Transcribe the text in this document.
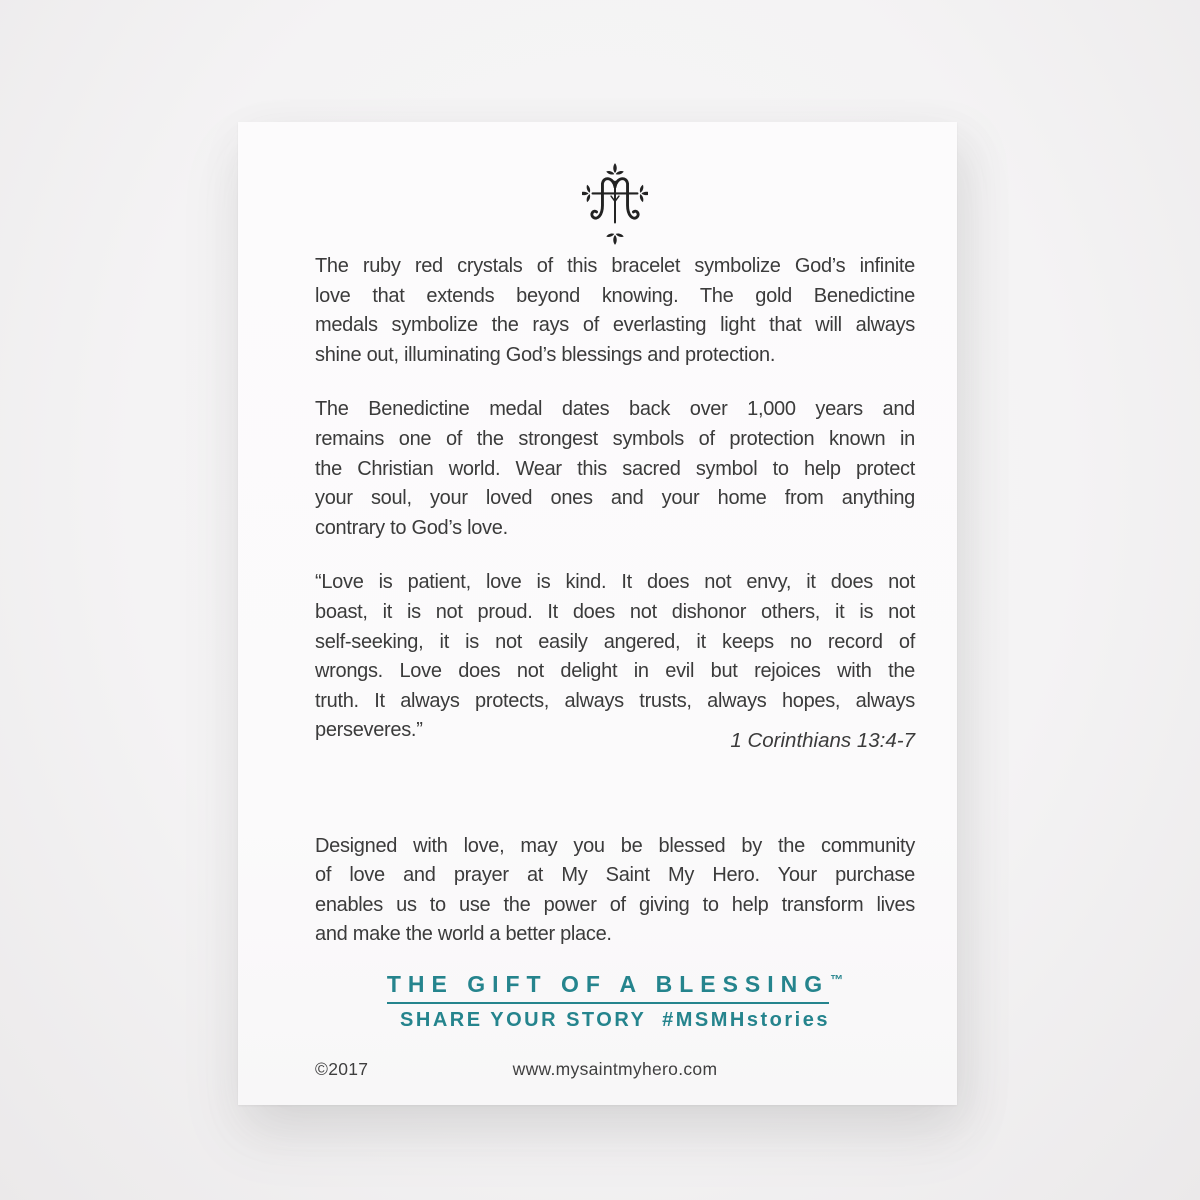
The ruby red crystals of this bracelet symbolize God’s infinite
love that extends beyond knowing. The gold Benedictine
medals symbolize the rays of everlasting light that will always
shine out, illuminating God’s blessings and protection.
The Benedictine medal dates back over 1,000 years and
remains one of the strongest symbols of protection known in
the Christian world. Wear this sacred symbol to help protect
your soul, your loved ones and your home from anything
contrary to God’s love.
“Love is patient, love is kind. It does not envy, it does not
boast, it is not proud. It does not dishonor others, it is not
self-seeking, it is not easily angered, it keeps no record of
wrongs. Love does not delight in evil but rejoices with the
truth. It always protects, always trusts, always hopes, always
perseveres.”	1 Corinthians 13:4-7
Designed with love, may you be blessed by the community
of love and prayer at My Saint My Hero. Your purchase
enables us to use the power of giving to help transform lives
and make the world a better place.
THE GIFT OF A BLESSING™
SHARE YOUR STORY  #MSMHstories
©2017	www.mysaintmyhero.com
